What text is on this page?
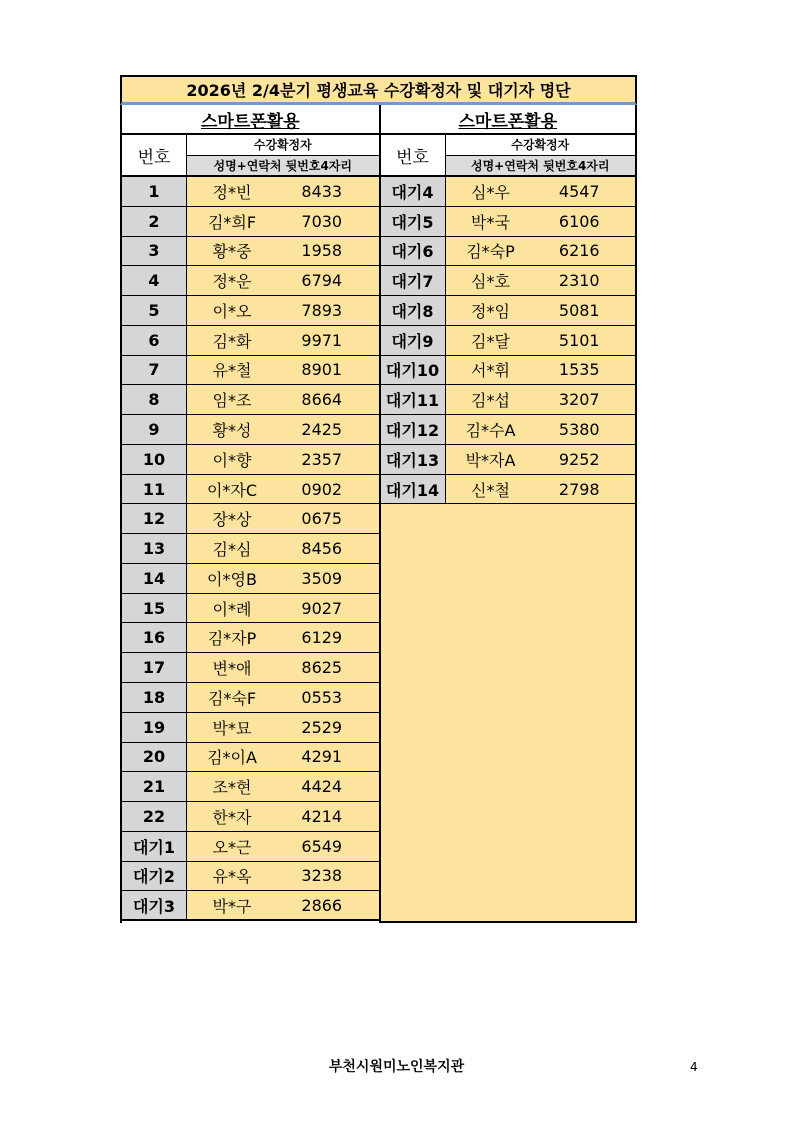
2026년 2/4분기 평생교육 수강확정자 및 대기자 명단
스마트폰활용
번호
수강확정자
성명+연락처 뒷번호4자리
1	정*빈	8433
2	김*희F	7030
3	황*중	1958
4	정*운	6794
5	이*오	7893
6	김*화	9971
7	유*철	8901
8	임*조	8664
9	황*성	2425
10	이*향	2357
11	이*자C	0902
12	장*상	0675
13	김*심	8456
14	이*영B	3509
15	이*례	9027
16	김*자P	6129
17	변*애	8625
18	김*숙F	0553
19	박*묘	2529
20	김*이A	4291
21	조*현	4424
22	한*자	4214
대기1	오*근	6549
대기2	유*옥	3238
대기3	박*구	2866
스마트폰활용
번호
수강확정자
성명+연락처 뒷번호4자리
대기4	심*우	4547
대기5	박*국	6106
대기6	김*숙P	6216
대기7	심*호	2310
대기8	정*임	5081
대기9	김*달	5101
대기10	서*휘	1535
대기11	김*섭	3207
대기12	김*수A	5380
대기13	박*자A	9252
대기14	신*철	2798
부천시원미노인복지관	4
